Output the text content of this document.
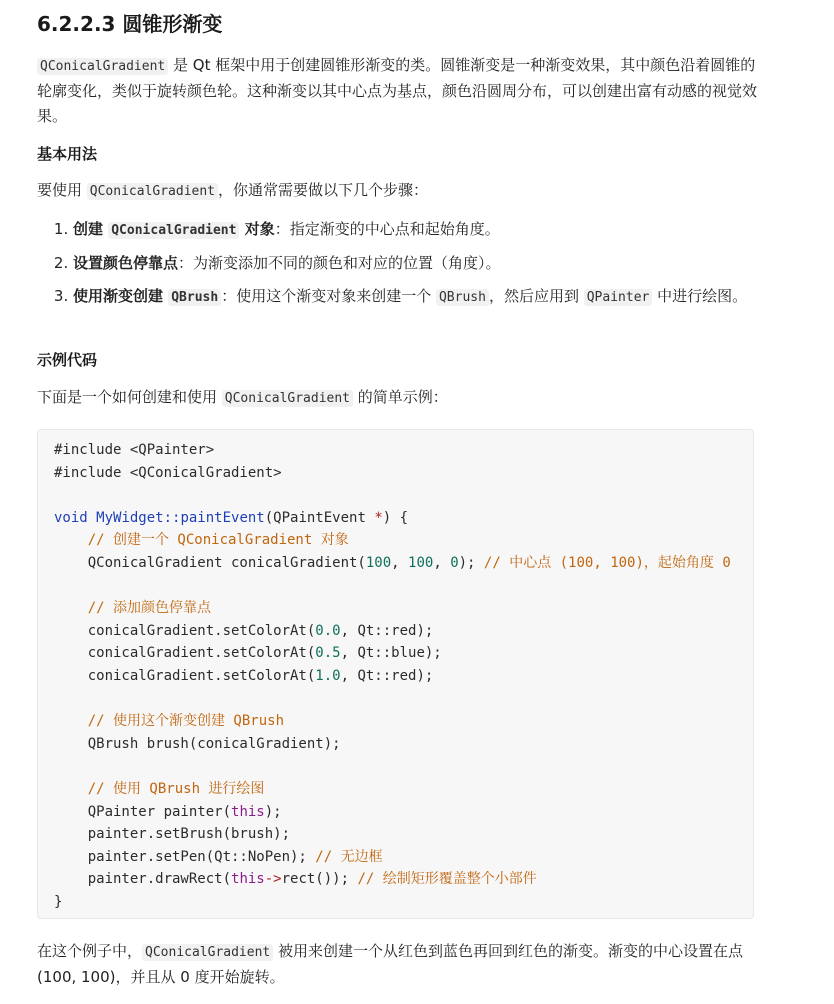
6.2.2.3 圆锥形渐变
QConicalGradient 是 Qt 框架中用于创建圆锥形渐变的类。圆锥渐变是一种渐变效果，其中颜色沿着圆锥的轮廓变化，类似于旋转颜色轮。这种渐变以其中心点为基点，颜色沿圆周分布，可以创建出富有动感的视觉效果。
基本用法
要使用 QConicalGradient ，你通常需要做以下几个步骤：
1. 创建 QConicalGradient 对象：指定渐变的中心点和起始角度。
2. 设置颜色停靠点：为渐变添加不同的颜色和对应的位置（角度）。
3. 使用渐变创建 QBrush ：使用这个渐变对象来创建一个 QBrush ，然后应用到 QPainter 中进行绘图。
示例代码
下面是一个如何创建和使用 QConicalGradient 的简单示例：
#include <QPainter>
#include <QConicalGradient>

void MyWidget::paintEvent(QPaintEvent *) {
// 创建一个 QConicalGradient 对象
QConicalGradient conicalGradient(100, 100, 0); // 中心点 (100, 100)，起始角度 0

// 添加颜色停靠点
conicalGradient.setColorAt(0.0, Qt::red);
conicalGradient.setColorAt(0.5, Qt::blue);
conicalGradient.setColorAt(1.0, Qt::red);

// 使用这个渐变创建 QBrush
QBrush brush(conicalGradient);

// 使用 QBrush 进行绘图
QPainter painter(this);
painter.setBrush(brush);
painter.setPen(Qt::NoPen); // 无边框
painter.drawRect(this->rect()); // 绘制矩形覆盖整个小部件
}
在这个例子中， QConicalGradient 被用来创建一个从红色到蓝色再回到红色的渐变。渐变的中心设置在点 (100, 100)，并且从 0 度开始旋转。
